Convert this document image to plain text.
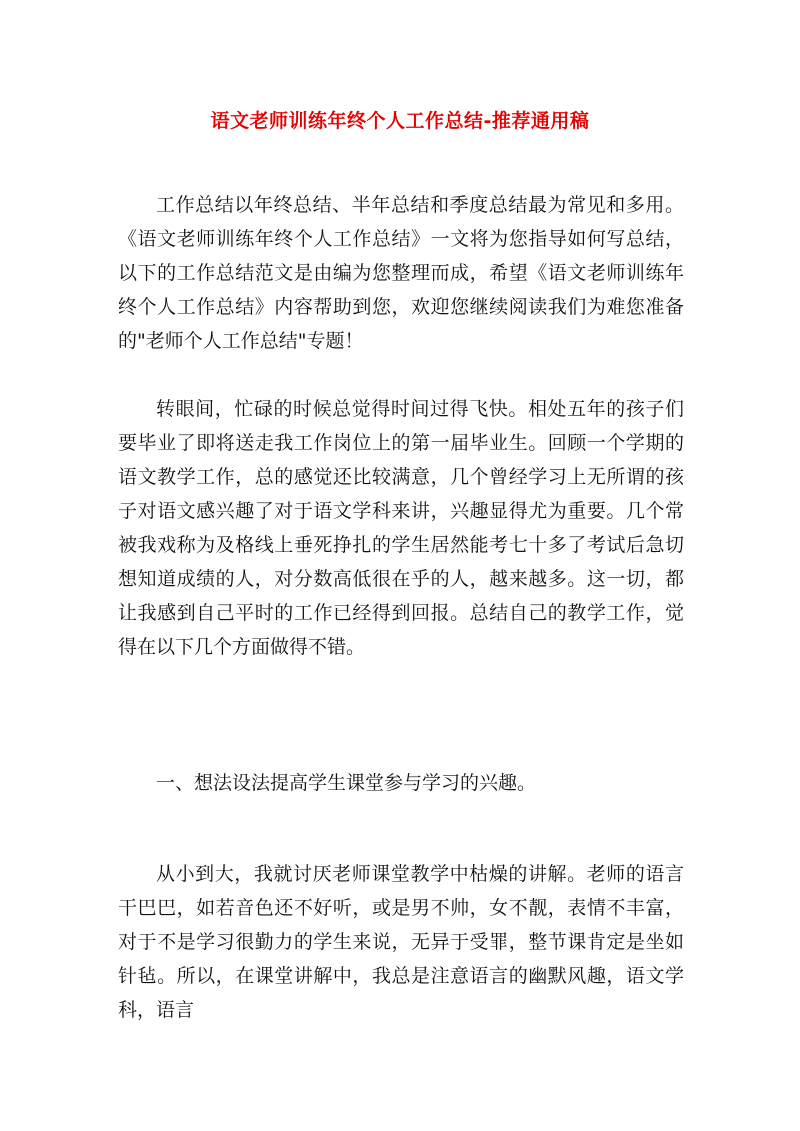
语文老师训练年终个人工作总结-推荐通用稿

工作总结以年终总结、半年总结和季度总结最为常见和多用。《语文老师训练年终个人工作总结》一文将为您指导如何写总结，以下的工作总结范文是由编为您整理而成，希望《语文老师训练年终个人工作总结》内容帮助到您，欢迎您继续阅读我们为难您准备的"老师个人工作总结"专题！

转眼间，忙碌的时候总觉得时间过得飞快。相处五年的孩子们要毕业了即将送走我工作岗位上的第一届毕业生。回顾一个学期的语文教学工作，总的感觉还比较满意，几个曾经学习上无所谓的孩子对语文感兴趣了对于语文学科来讲，兴趣显得尤为重要。几个常被我戏称为及格线上垂死挣扎的学生居然能考七十多了考试后急切想知道成绩的人，对分数高低很在乎的人，越来越多。这一切，都让我感到自己平时的工作已经得到回报。总结自己的教学工作，觉得在以下几个方面做得不错。

一、想法设法提高学生课堂参与学习的兴趣。

从小到大，我就讨厌老师课堂教学中枯燥的讲解。老师的语言干巴巴，如若音色还不好听，或是男不帅，女不靓，表情不丰富，对于不是学习很勤力的学生来说，无异于受罪，整节课肯定是坐如针毡。所以，在课堂讲解中，我总是注意语言的幽默风趣，语文学科，语言
